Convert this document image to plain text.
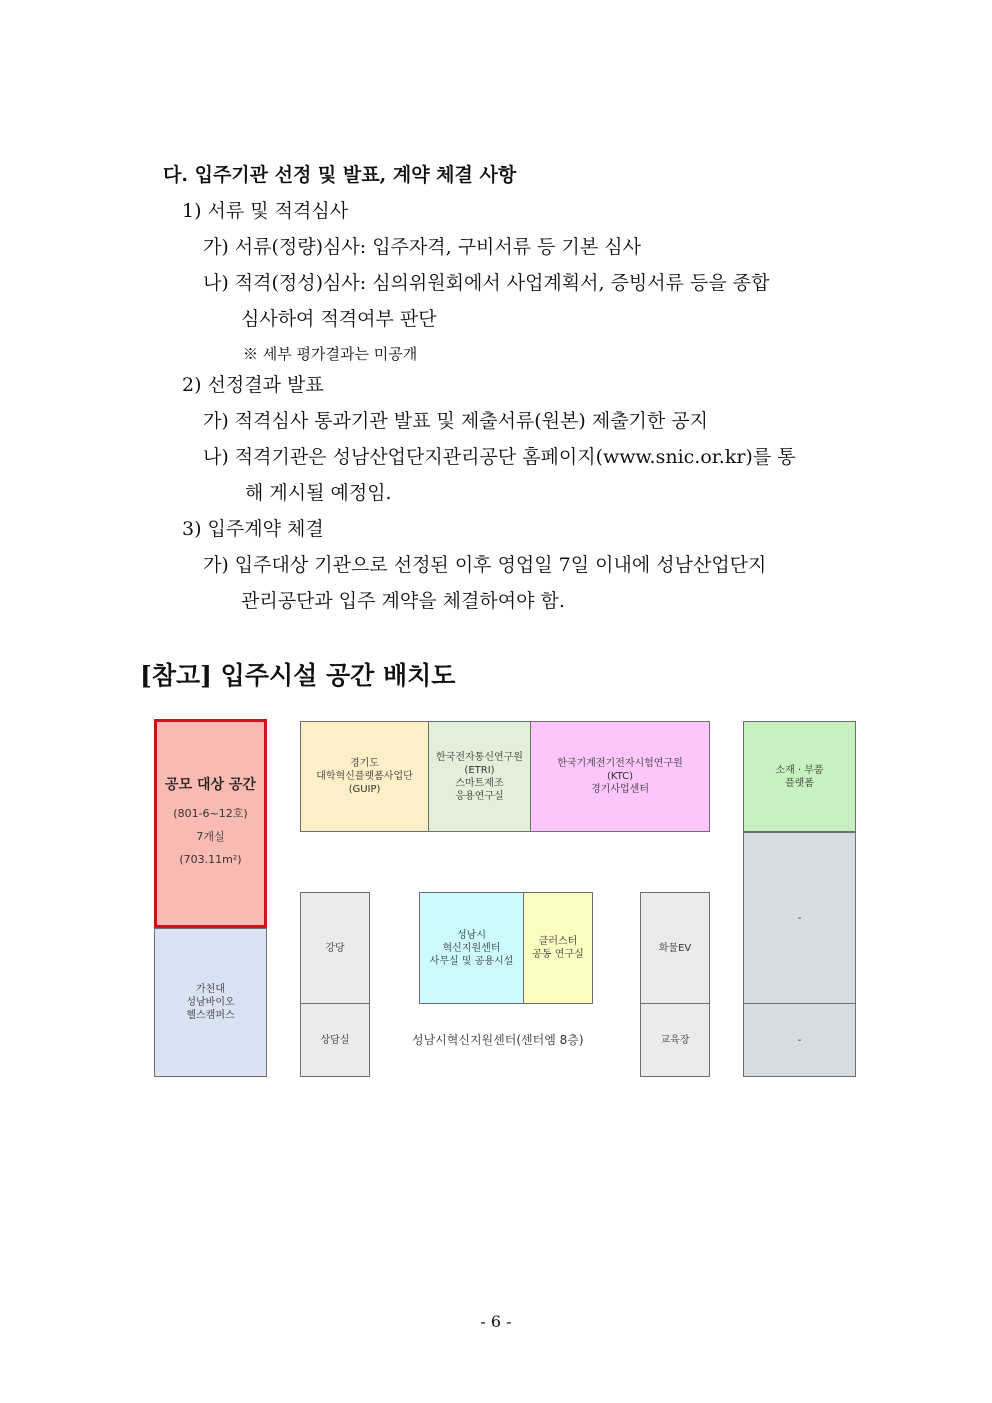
다. 입주기관 선정 및 발표, 계약 체결 사항
1) 서류 및 적격심사
가) 서류(정량)심사: 입주자격, 구비서류 등 기본 심사
나) 적격(정성)심사: 심의위원회에서 사업계획서, 증빙서류 등을 종합
심사하여 적격여부 판단
※ 세부 평가결과는 미공개
2) 선정결과 발표
가) 적격심사 통과기관 발표 및 제출서류(원본) 제출기한 공지
나) 적격기관은 성남산업단지관리공단 홈페이지(www.snic.or.kr)를 통
해 게시될 예정임.
3) 입주계약 체결
가) 입주대상 기관으로 선정된 이후 영업일 7일 이내에 성남산업단지
관리공단과 입주 계약을 체결하여야 함.
[참고] 입주시설 공간 배치도
공모 대상 공간
(801-6~12호)
7개실
(703.11m²)
가천대
성남바이오
헬스캠퍼스
경기도
대학혁신플랫폼사업단
(GUIP)
한국전자통신연구원
(ETRI)
스마트제조
응용연구실
한국기계전기전자시험연구원
(KTC)
경기사업센터
소재 · 부품
플랫폼
-
-
강당
상담실
성남시
혁신지원센터
사무실 및 공용시설
클러스터
공동 연구실
화물EV
교육장
성남시혁신지원센터(센터엠 8층)
- 6 -
